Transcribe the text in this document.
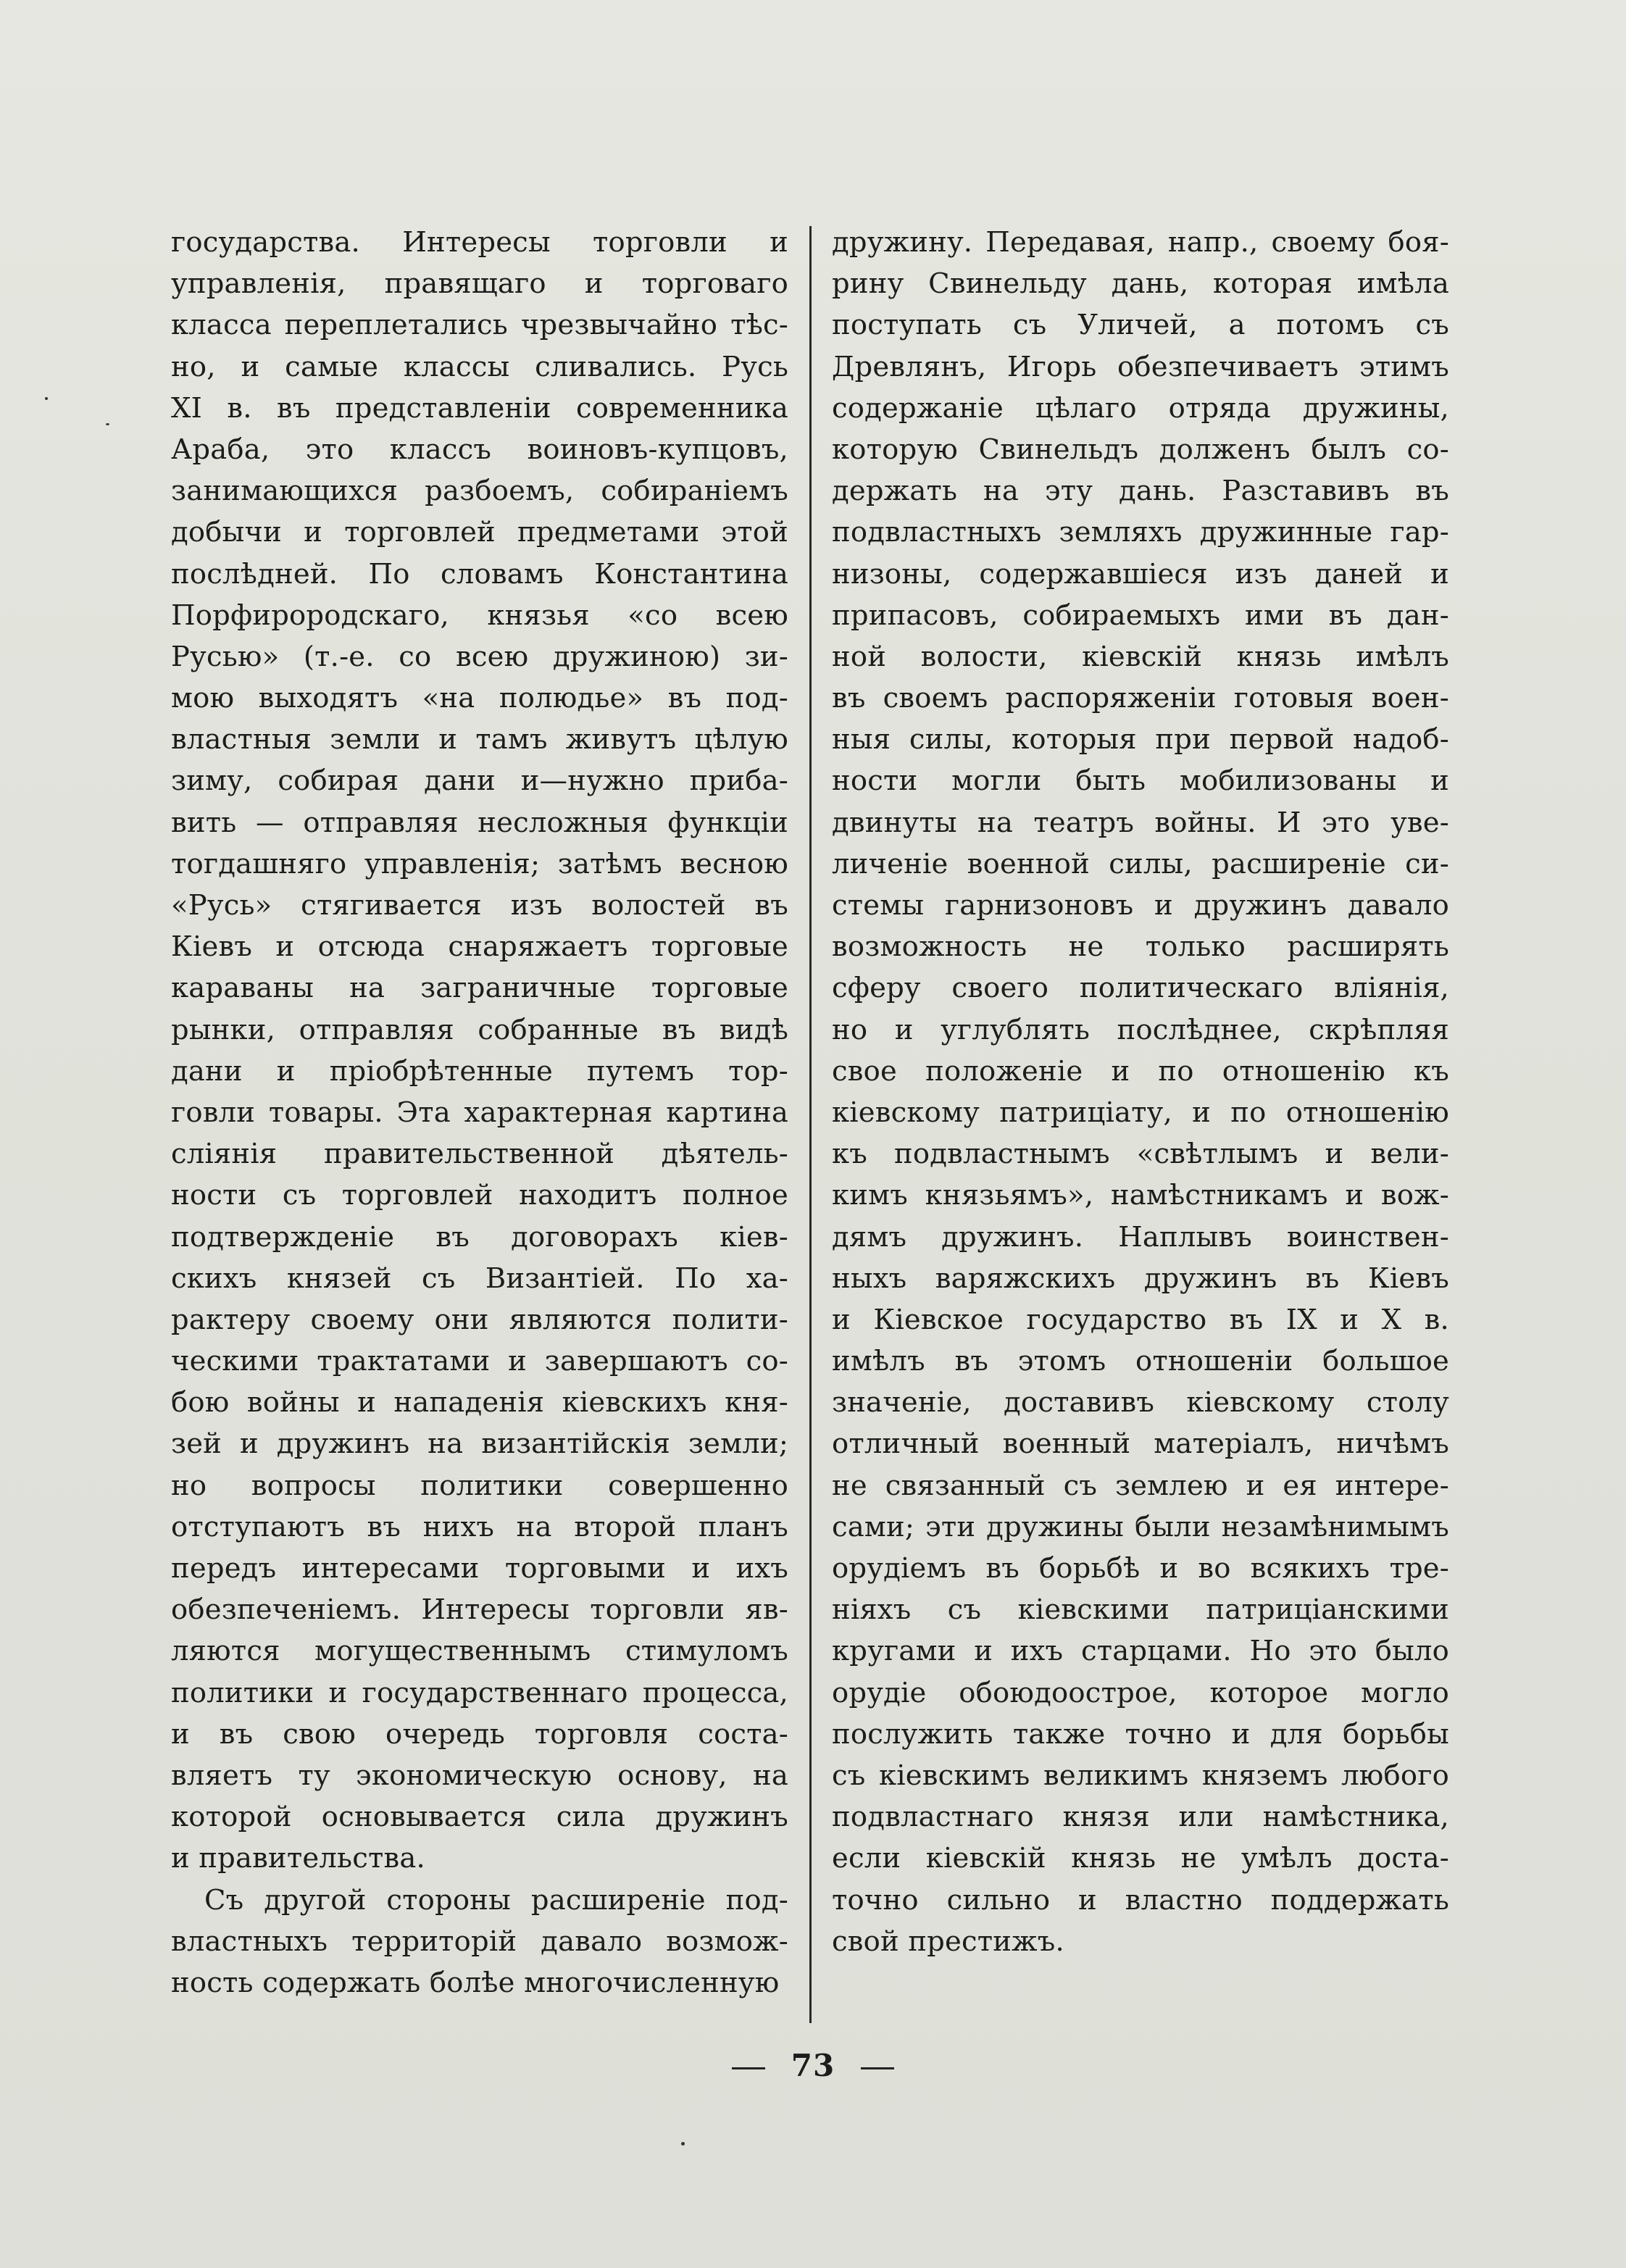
государства. Интересы торговли и
управленія, правящаго и торговаго
класса переплетались чрезвычайно тѣс-
но, и самые классы сливались. Русь
XI в. въ представленіи современника
Араба, это классъ воиновъ-купцовъ,
занимающихся разбоемъ, собираніемъ
добычи и торговлей предметами этой
послѣдней. По словамъ Константина
Порфирородскаго, князья «со всею
Русью» (т.-е. со всею дружиною) зи-
мою выходятъ «на полюдье» въ под-
властныя земли и тамъ живутъ цѣлую
зиму, собирая дани и—нужно приба-
вить — отправляя несложныя функціи
тогдашняго управленія; затѣмъ весною
«Русь» стягивается изъ волостей въ
Кіевъ и отсюда снаряжаетъ торговые
караваны на заграничные торговые
рынки, отправляя собранные въ видѣ
дани и пріобрѣтенные путемъ тор-
говли товары. Эта характерная картина
слiянія правительственной дѣятель-
ности съ торговлей находитъ полное
подтвержденіе въ договорахъ кіев-
скихъ князей съ Византіей. По ха-
рактеру своему они являются полити-
ческими трактатами и завершаютъ со-
бою войны и нападенія кіевскихъ кня-
зей и дружинъ на византійскія земли;
но вопросы политики совершенно
отступаютъ въ нихъ на второй планъ
передъ интересами торговыми и ихъ
обезпеченіемъ. Интересы торговли яв-
ляются могущественнымъ стимуломъ
политики и государственнаго процесса,
и въ свою очередь торговля соста-
вляетъ ту экономическую основу, на
которой основывается сила дружинъ
и правительства.
Съ другой стороны расширеніе под-
властныхъ территорій давало возмож-
ность содержать болѣе многочисленную
дружину. Передавая, напр., своему боя-
рину Свинельду дань, которая имѣла
поступать съ Уличей, а потомъ съ
Древлянъ, Игорь обезпечиваетъ этимъ
содержаніе цѣлаго отряда дружины,
которую Свинельдъ долженъ былъ со-
держать на эту дань. Разставивъ въ
подвластныхъ земляхъ дружинные гар-
низоны, содержавшіеся изъ даней и
припасовъ, собираемыхъ ими въ дан-
ной волости, кіевскій князь имѣлъ
въ своемъ распоряженіи готовыя воен-
ныя силы, которыя при первой надоб-
ности могли быть мобилизованы и
двинуты на театръ войны. И это уве-
личеніе военной силы, расширеніе си-
стемы гарнизоновъ и дружинъ давало
возможность не только расширять
сферу своего политическаго вліянія,
но и углублять послѣднее, скрѣпляя
свое положеніе и по отношенію къ
кіевскому патриціату, и по отношенію
къ подвластнымъ «свѣтлымъ и вели-
кимъ князьямъ», намѣстникамъ и вож-
дямъ дружинъ. Наплывъ воинствен-
ныхъ варяжскихъ дружинъ въ Кіевъ
и Кіевское государство въ IX и X в.
имѣлъ въ этомъ отношеніи большое
значеніе, доставивъ кіевскому столу
отличный военный матеріалъ, ничѣмъ
не связанный съ землею и ея интере-
сами; эти дружины были незамѣнимымъ
орудіемъ въ борьбѣ и во всякихъ тре-
ніяхъ съ кіевскими патриціанскими
кругами и ихъ старцами. Но это было
орудіе обоюдоострое, которое могло
послужить также точно и для борьбы
съ кіевскимъ великимъ княземъ любого
подвластнаго князя или намѣстника,
если кіевскій князь не умѣлъ доста-
точно сильно и властно поддержать
свой престижъ.
73
